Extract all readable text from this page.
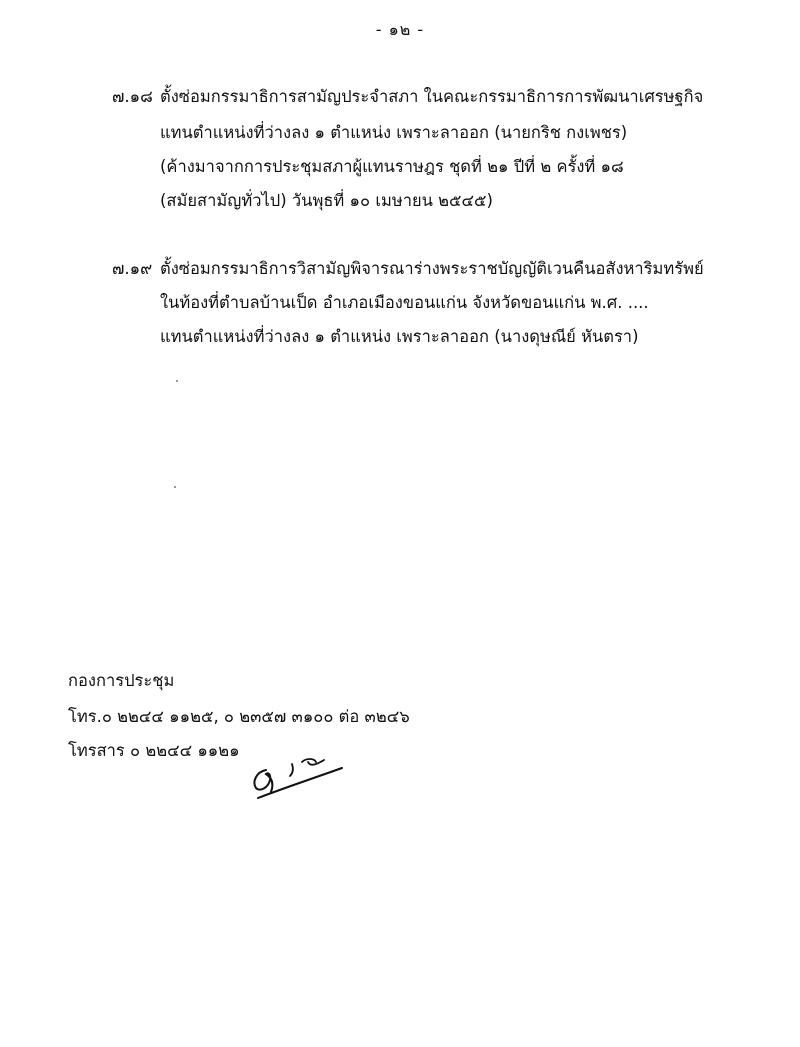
- ๑๒ -
๗.๑๘ ตั้งซ่อมกรรมาธิการสามัญประจำสภา ในคณะกรรมาธิการการพัฒนาเศรษฐกิจ
แทนตำแหน่งที่ว่างลง ๑ ตำแหน่ง เพราะลาออก (นายกริช กงเพชร)
(ค้างมาจากการประชุมสภาผู้แทนราษฎร ชุดที่ ๒๑ ปีที่ ๒ ครั้งที่ ๑๘
(สมัยสามัญทั่วไป) วันพุธที่ ๑๐ เมษายน ๒๕๔๕)
๗.๑๙ ตั้งซ่อมกรรมาธิการวิสามัญพิจารณาร่างพระราชบัญญัติเวนคืนอสังหาริมทรัพย์
ในท้องที่ตำบลบ้านเป็ด อำเภอเมืองขอนแก่น จังหวัดขอนแก่น พ.ศ. ....
แทนตำแหน่งที่ว่างลง ๑ ตำแหน่ง เพราะลาออก (นางดุษณีย์ หันตรา)
กองการประชุม
โทร.๐ ๒๒๔๔ ๑๑๒๕, ๐ ๒๓๕๗ ๓๑๐๐ ต่อ ๓๒๔๖
โทรสาร ๐ ๒๒๔๔ ๑๑๒๑
